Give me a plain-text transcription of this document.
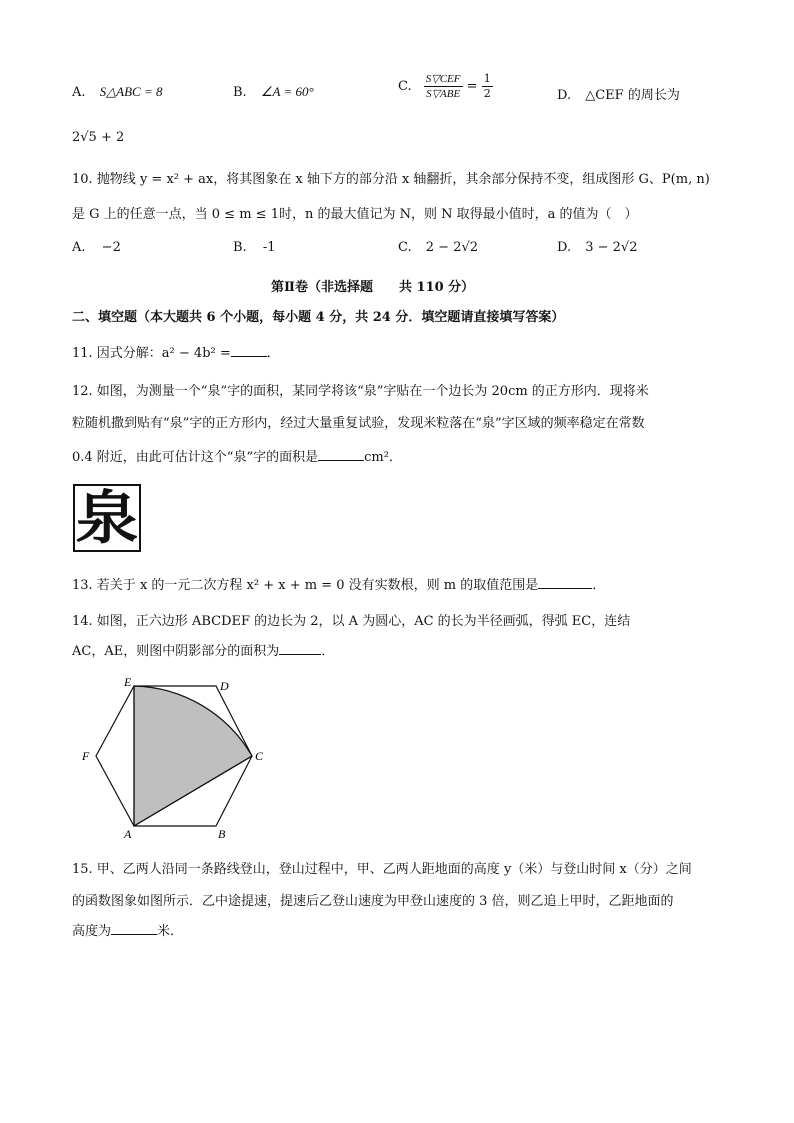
A. S△ABC = 8	B. ∠A = 60°	C. $\frac{\text{S▽CEF}}{\text{S▽ABE}} = \frac{1}{2}$	D. △CEF 的周长为
2√5 + 2
10. 抛物线 y = x² + ax，将其图象在 x 轴下方的部分沿 x 轴翻折，其余部分保持不变，组成图形 G、P(m, n)
是 G 上的任意一点，当 0 ≤ m ≤ 1时，n 的最大值记为 N，则 N 取得最小值时，a 的值为（　）
A. −2	B. -1	C. 2 − 2√2	D. 3 − 2√2
第Ⅱ卷（非选择题　　共 110 分）
二、填空题（本大题共 6 个小题，每小题 4 分，共 24 分．填空题请直接填写答案）
11. 因式分解：a² − 4b² =	．
12. 如图，为测量一个“泉”字的面积，某同学将该“泉”字贴在一个边长为 20cm 的正方形内．现将米
粒随机撒到贴有“泉”字的正方形内，经过大量重复试验，发现米粒落在“泉”字区域的频率稳定在常数
0.4 附近，由此可估计这个“泉”字的面积是	cm²．
泉
13. 若关于 x 的一元二次方程 x² + x + m = 0 没有实数根，则 m 的取值范围是	．
14. 如图，正六边形 ABCDEF 的边长为 2，以 A 为圆心，AC 的长为半径画弧，得弧 EC，连结
AC，AE，则图中阴影部分的面积为	．
E	D
C
B
A
F
15. 甲、乙两人沿同一条路线登山，登山过程中，甲、乙两人距地面的高度 y（米）与登山时间 x（分）之间
的函数图象如图所示．乙中途提速，提速后乙登山速度为甲登山速度的 3 倍，则乙追上甲时，乙距地面的
高度为	米．
